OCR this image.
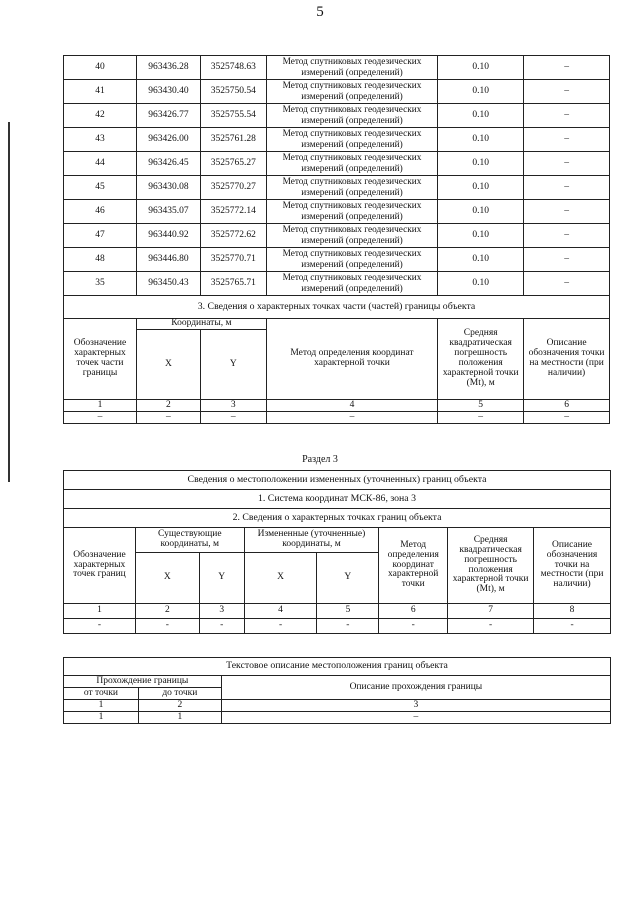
5
40	963436.28	3525748.63	Метод спутниковых геодезических измерений (определений)	0.10	–
41	963430.40	3525750.54	Метод спутниковых геодезических измерений (определений)	0.10	–
42	963426.77	3525755.54	Метод спутниковых геодезических измерений (определений)	0.10	–
43	963426.00	3525761.28	Метод спутниковых геодезических измерений (определений)	0.10	–
44	963426.45	3525765.27	Метод спутниковых геодезических измерений (определений)	0.10	–
45	963430.08	3525770.27	Метод спутниковых геодезических измерений (определений)	0.10	–
46	963435.07	3525772.14	Метод спутниковых геодезических измерений (определений)	0.10	–
47	963440.92	3525772.62	Метод спутниковых геодезических измерений (определений)	0.10	–
48	963446.80	3525770.71	Метод спутниковых геодезических измерений (определений)	0.10	–
35	963450.43	3525765.71	Метод спутниковых геодезических измерений (определений)	0.10	–
3. Сведения о характерных точках части (частей) границы объекта					
Обозначение характерных точек части границы	Координаты, м		Метод определения координат характерной точки	Средняя квадратическая погрешность положения характерной точки (Mt), м	Описание обозначения точки на местности (при наличии)
	X	Y			
1	2	3	4	5	6
–	–	–	–	–	–
Раздел 3
Сведения о местоположении измененных (уточненных) границ объекта							
1. Система координат МСК-86, зона 3							
2. Сведения о характерных точках границ объекта							
Обозначение характерных точек границ	Существующие координаты, м		Измененные (уточненные) координаты, м		Метод определения координат характерной точки	Средняя квадратическая погрешность положения характерной точки (Mt), м	Описание обозначения точки на местности (при наличии)
	X	Y	X	Y			
1	2	3	4	5	6	7	8
-	-	-	-	-	-	-	-
Текстовое описание местоположения границ объекта		
Прохождение границы		Описание прохождения границы
от точки	до точки	
1	2	3
1	1	–
